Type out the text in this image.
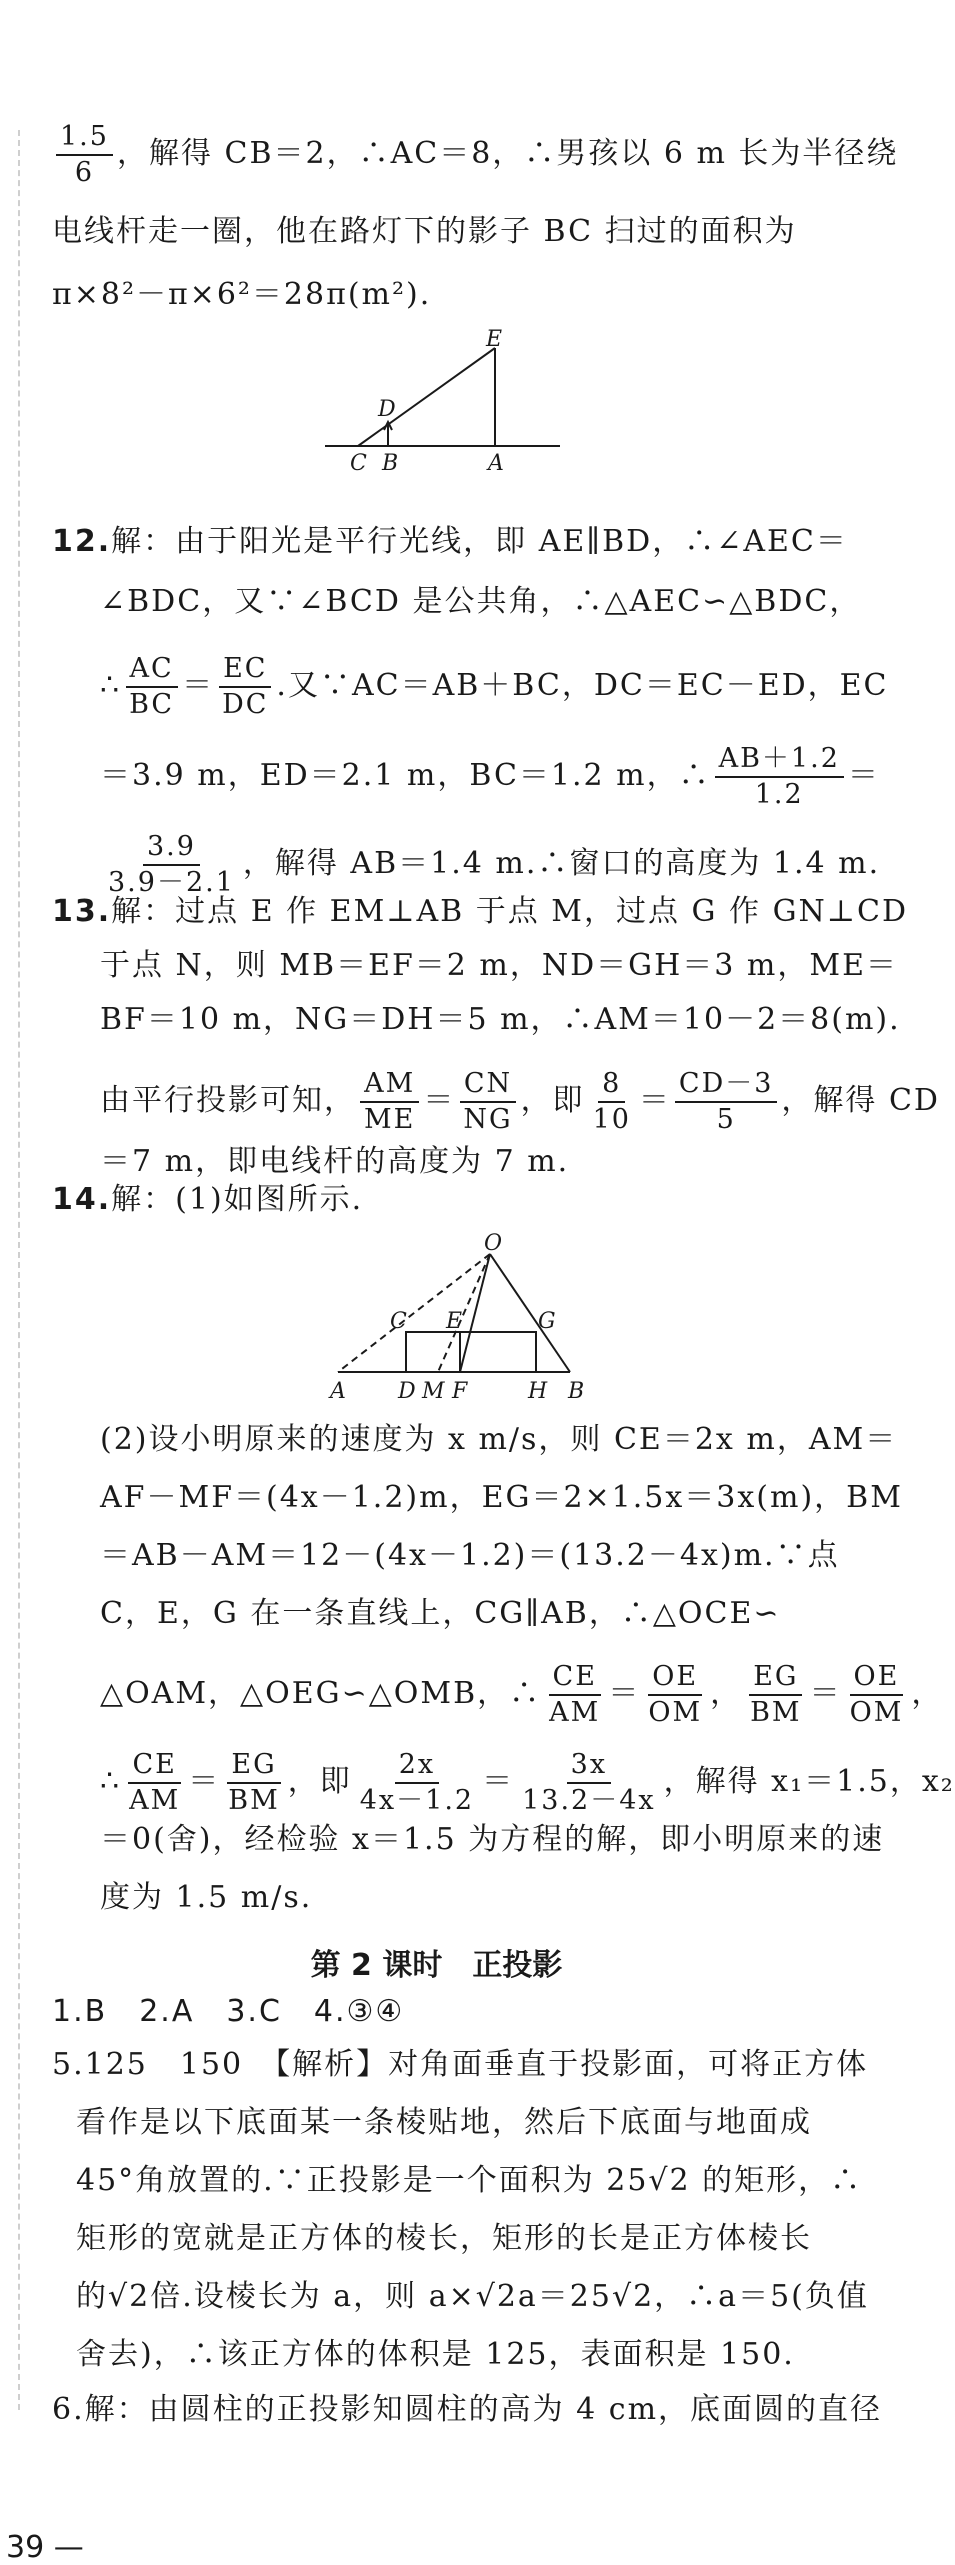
$\frac{1.5}{6}$ ，解得 CB＝2，∴AC＝8，∴男孩以 6 m 长为半径绕
电线杆走一圈，他在路灯下的影子 BC 扫过的面积为
π×8²－π×6²＝28π(m²).
E
D
C B	A
12.解：由于阳光是平行光线，即 AE∥BD，∴∠AEC＝
∠BDC，又∵∠BCD 是公共角，∴△AEC∽△BDC，
∴ $\frac{AC}{BC} = \frac{EC}{DC}$ .又∵AC＝AB＋BC，DC＝EC－ED，EC
＝3.9 m，ED＝2.1 m，BC＝1.2 m，∴ $\frac{AB+1.2}{1.2}$ ＝
$\frac{3.9}{3.9-2.1}$ ，解得 AB＝1.4 m.∴窗口的高度为 1.4 m.
13.解：过点 E 作 EM⊥AB 于点 M，过点 G 作 GN⊥CD
于点 N，则 MB＝EF＝2 m，ND＝GH＝3 m，ME＝
BF＝10 m，NG＝DH＝5 m，∴AM＝10－2＝8(m).
由平行投影可知， $\frac{AM}{ME} = \frac{CN}{NG}$ ，即 $\frac{8}{10} = \frac{CD-3}{5}$ ，解得 CD
＝7 m，即电线杆的高度为 7 m.
14.解：(1)如图所示.
O
C E	G
A D M F	H B
(2)设小明原来的速度为 x m/s，则 CE＝2x m，AM＝
AF－MF＝(4x－1.2)m，EG＝2×1.5x＝3x(m)，BM
＝AB－AM＝12－(4x－1.2)＝(13.2－4x)m.∵点
C，E，G 在一条直线上，CG∥AB，∴△OCE∽
△OAM，△OEG∽△OMB，∴ $\frac{CE}{AM} = \frac{OE}{OM}$ ， $\frac{EG}{BM} = \frac{OE}{OM}$ ，
∴ $\frac{CE}{AM} = \frac{EG}{BM}$ ，即 $\frac{2x}{4x-1.2} = \frac{3x}{13.2-4x}$ ，解得 x₁＝1.5，x₂
＝0(舍)，经检验 x＝1.5 为方程的解，即小明原来的速
度为 1.5 m/s.
第 2 课时　正投影
1.B　2.A　3.C　4.③④
5.125　150　【解析】对角面垂直于投影面，可将正方体
看作是以下底面某一条棱贴地，然后下底面与地面成
45°角放置的.∵正投影是一个面积为 25√2 的矩形，∴
矩形的宽就是正方体的棱长，矩形的长是正方体棱长
的√2倍.设棱长为 a，则 a×√2a＝25√2，∴a＝5(负值
舍去)，∴该正方体的体积是 125，表面积是 150.
6.解：由圆柱的正投影知圆柱的高为 4 cm，底面圆的直径
39 —
